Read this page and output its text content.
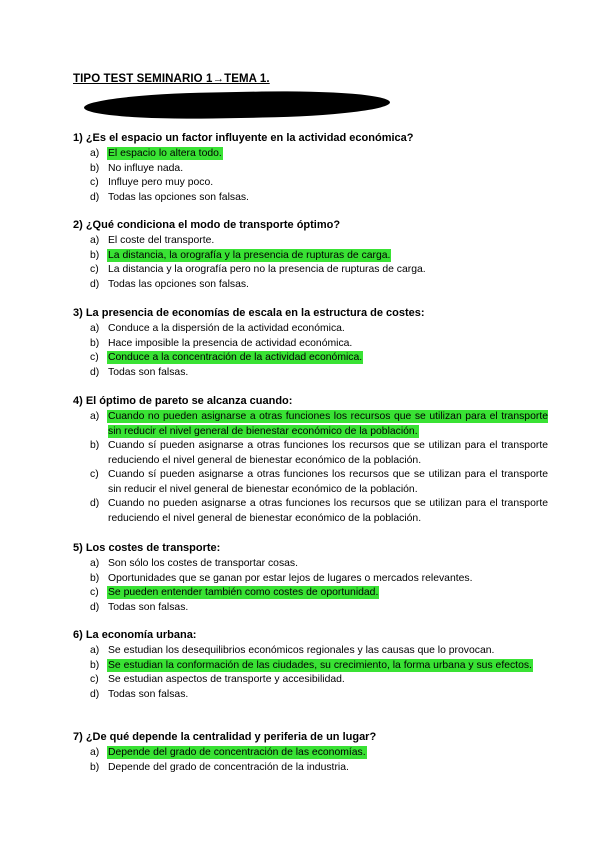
TIPO TEST SEMINARIO 1→TEMA 1.
1) ¿Es el espacio un factor influyente en la actividad económica?
a) El espacio lo altera todo.
b) No influye nada.
c) Influye pero muy poco.
d) Todas las opciones son falsas.
2) ¿Qué condiciona el modo de transporte óptimo?
a) El coste del transporte.
b) La distancia, la orografía y la presencia de rupturas de carga.
c) La distancia y la orografía pero no la presencia de rupturas de carga.
d) Todas las opciones son falsas.
3) La presencia de economías de escala en la estructura de costes:
a) Conduce a la dispersión de la actividad económica.
b) Hace imposible la presencia de actividad económica.
c) Conduce a la concentración de la actividad económica.
d) Todas son falsas.
4) El óptimo de pareto se alcanza cuando:
a) Cuando no pueden asignarse a otras funciones los recursos que se utilizan para el transporte sin reducir el nivel general de bienestar económico de la población.
b) Cuando sí pueden asignarse a otras funciones los recursos que se utilizan para el transporte reduciendo el nivel general de bienestar económico de la población.
c) Cuando sí pueden asignarse a otras funciones los recursos que se utilizan para el transporte sin reducir el nivel general de bienestar económico de la población.
d) Cuando no pueden asignarse a otras funciones los recursos que se utilizan para el transporte reduciendo el nivel general de bienestar económico de la población.
5) Los costes de transporte:
a) Son sólo los costes de transportar cosas.
b) Oportunidades que se ganan por estar lejos de lugares o mercados relevantes.
c) Se pueden entender también como costes de oportunidad.
d) Todas son falsas.
6) La economía urbana:
a) Se estudian los desequilibrios económicos regionales y las causas que lo provocan.
b) Se estudian la conformación de las ciudades, su crecimiento, la forma urbana y sus efectos.
c) Se estudian aspectos de transporte y accesibilidad.
d) Todas son falsas.
7) ¿De qué depende la centralidad y periferia de un lugar?
a) Depende del grado de concentración de las economías.
b) Depende del grado de concentración de la industria.
